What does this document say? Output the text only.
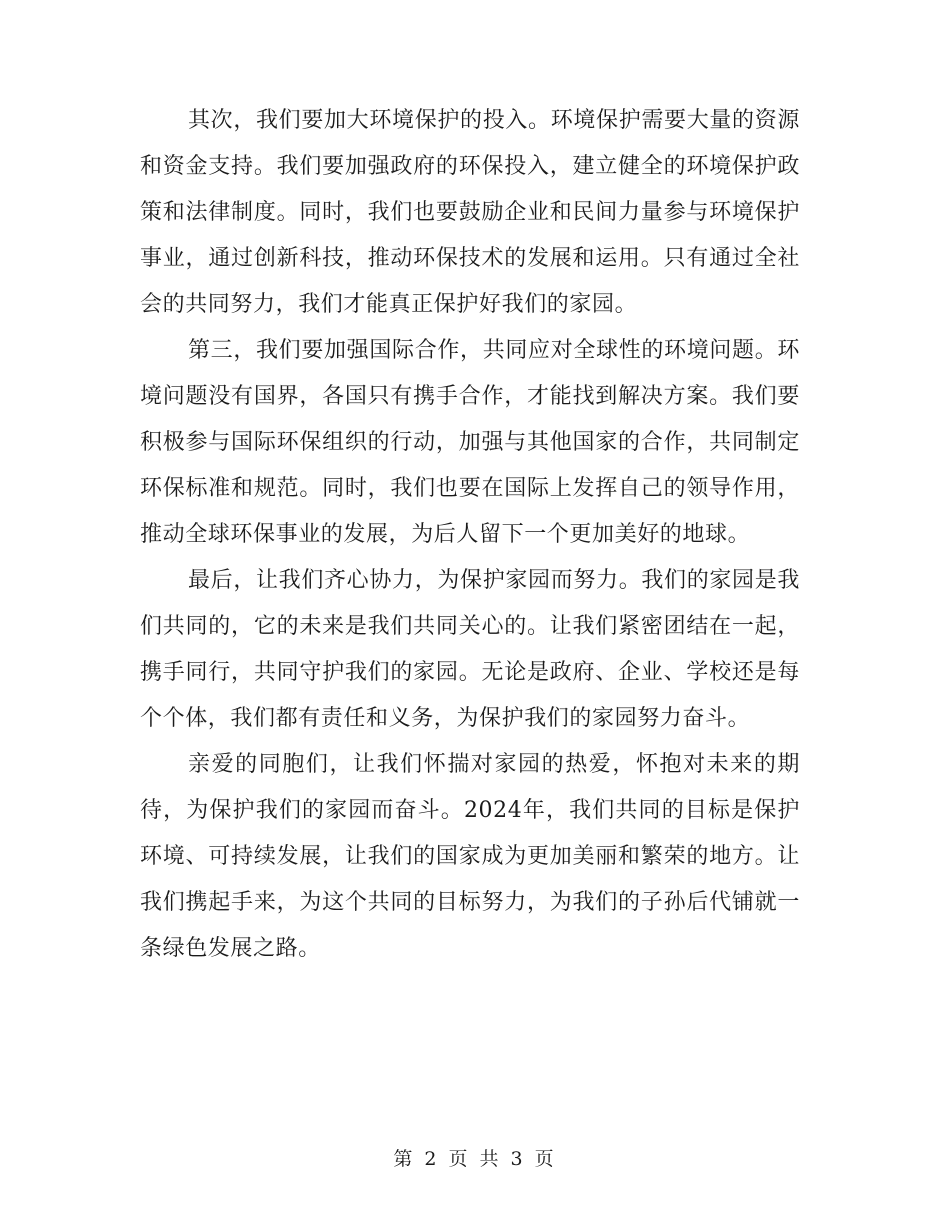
其次，我们要加大环境保护的投入。环境保护需要大量的资源和资金支持。我们要加强政府的环保投入，建立健全的环境保护政策和法律制度。同时，我们也要鼓励企业和民间力量参与环境保护事业，通过创新科技，推动环保技术的发展和运用。只有通过全社会的共同努力，我们才能真正保护好我们的家园。

第三，我们要加强国际合作，共同应对全球性的环境问题。环境问题没有国界，各国只有携手合作，才能找到解决方案。我们要积极参与国际环保组织的行动，加强与其他国家的合作，共同制定环保标准和规范。同时，我们也要在国际上发挥自己的领导作用，推动全球环保事业的发展，为后人留下一个更加美好的地球。

最后，让我们齐心协力，为保护家园而努力。我们的家园是我们共同的，它的未来是我们共同关心的。让我们紧密团结在一起，携手同行，共同守护我们的家园。无论是政府、企业、学校还是每个个体，我们都有责任和义务，为保护我们的家园努力奋斗。

亲爱的同胞们，让我们怀揣对家园的热爱，怀抱对未来的期待，为保护我们的家园而奋斗。2024年，我们共同的目标是保护环境、可持续发展，让我们的国家成为更加美丽和繁荣的地方。让我们携起手来，为这个共同的目标努力，为我们的子孙后代铺就一条绿色发展之路。

第 2 页 共 3 页
